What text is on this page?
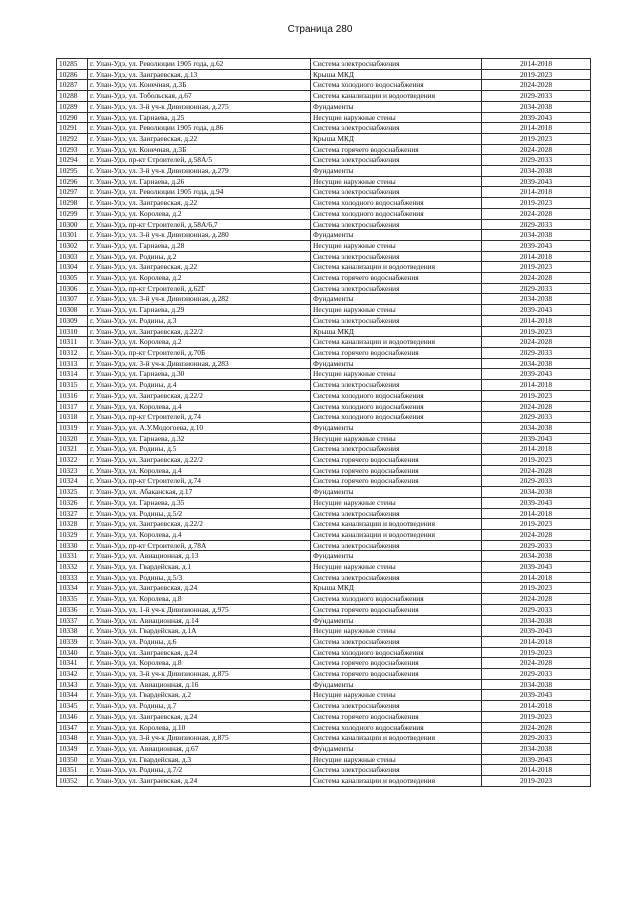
Страница 280
10285	г. Улан-Удэ, ул. Революции 1905 года, д.62	Система электроснабжения	2014-2018
10286	г. Улан-Удэ, ул. Заиграевская, д.13	Крыша МКД	2019-2023
10287	г. Улан-Удэ, ул. Конечная, д.3Б	Система холодного водоснабжения	2024-2028
10288	г. Улан-Удэ, ул. Тобольская, д.67	Система канализации и водоотведения	2029-2033
10289	г. Улан-Удэ, ул. 3-й уч-к Дивизионная, д.275	Фундаменты	2034-2038
10290	г. Улан-Удэ, ул. Гарнаева, д.25	Несущие наружные стены	2039-2043
10291	г. Улан-Удэ, ул. Революции 1905 года, д.86	Система электроснабжения	2014-2018
10292	г. Улан-Удэ, ул. Заиграевская, д.22	Крыша МКД	2019-2023
10293	г. Улан-Удэ, ул. Конечная, д.3Б	Система горячего водоснабжения	2024-2028
10294	г. Улан-Удэ, пр-кт Строителей, д.58А/5	Система электроснабжения	2029-2033
10295	г. Улан-Удэ, ул. 3-й уч-к Дивизионная, д.279	Фундаменты	2034-2038
10296	г. Улан-Удэ, ул. Гарнаева, д.26	Несущие наружные стены	2039-2043
10297	г. Улан-Удэ, ул. Революции 1905 года, д.94	Система электроснабжения	2014-2018
10298	г. Улан-Удэ, ул. Заиграевская, д.22	Система холодного водоснабжения	2019-2023
10299	г. Улан-Удэ, ул. Королева, д.2	Система холодного водоснабжения	2024-2028
10300	г. Улан-Удэ, пр-кт Строителей, д.58А/6,7	Система электроснабжения	2029-2033
10301	г. Улан-Удэ, ул. 3-й уч-к Дивизионная, д.280	Фундаменты	2034-2038
10302	г. Улан-Удэ, ул. Гарнаева, д.28	Несущие наружные стены	2039-2043
10303	г. Улан-Удэ, ул. Родины, д.2	Система электроснабжения	2014-2018
10304	г. Улан-Удэ, ул. Заиграевская, д.22	Система канализации и водоотведения	2019-2023
10305	г. Улан-Удэ, ул. Королева, д.2	Система горячего водоснабжения	2024-2028
10306	г. Улан-Удэ, пр-кт Строителей, д.62Г	Система электроснабжения	2029-2033
10307	г. Улан-Удэ, ул. 3-й уч-к Дивизионная, д.282	Фундаменты	2034-2038
10308	г. Улан-Удэ, ул. Гарнаева, д.29	Несущие наружные стены	2039-2043
10309	г. Улан-Удэ, ул. Родины, д.3	Система электроснабжения	2014-2018
10310	г. Улан-Удэ, ул. Заиграевская, д.22/2	Крыша МКД	2019-2023
10311	г. Улан-Удэ, ул. Королева, д.2	Система канализации и водоотведения	2024-2028
10312	г. Улан-Удэ, пр-кт Строителей, д.70Б	Система горячего водоснабжения	2029-2033
10313	г. Улан-Удэ, ул. 3-й уч-к Дивизионная, д.283	Фундаменты	2034-2038
10314	г. Улан-Удэ, ул. Гарнаева, д.30	Несущие наружные стены	2039-2043
10315	г. Улан-Удэ, ул. Родины, д.4	Система электроснабжения	2014-2018
10316	г. Улан-Удэ, ул. Заиграевская, д.22/2	Система холодного водоснабжения	2019-2023
10317	г. Улан-Удэ, ул. Королева, д.4	Система холодного водоснабжения	2024-2028
10318	г. Улан-Удэ, пр-кт Строителей, д.74	Система холодного водоснабжения	2029-2033
10319	г. Улан-Удэ, ул. А.У.Модогоева, д.10	Фундаменты	2034-2038
10320	г. Улан-Удэ, ул. Гарнаева, д.32	Несущие наружные стены	2039-2043
10321	г. Улан-Удэ, ул. Родины, д.5	Система электроснабжения	2014-2018
10322	г. Улан-Удэ, ул. Заиграевская, д.22/2	Система горячего водоснабжения	2019-2023
10323	г. Улан-Удэ, ул. Королева, д.4	Система горячего водоснабжения	2024-2028
10324	г. Улан-Удэ, пр-кт Строителей, д.74	Система горячего водоснабжения	2029-2033
10325	г. Улан-Удэ, ул. Абаканская, д.17	Фундаменты	2034-2038
10326	г. Улан-Удэ, ул. Гарнаева, д.35	Несущие наружные стены	2039-2043
10327	г. Улан-Удэ, ул. Родины, д.5/2	Система электроснабжения	2014-2018
10328	г. Улан-Удэ, ул. Заиграевская, д.22/2	Система канализации и водоотведения	2019-2023
10329	г. Улан-Удэ, ул. Королева, д.4	Система канализации и водоотведения	2024-2028
10330	г. Улан-Удэ, пр-кт Строителей, д.78А	Система электроснабжения	2029-2033
10331	г. Улан-Удэ, ул. Авиационная, д.13	Фундаменты	2034-2038
10332	г. Улан-Удэ, ул. Гвардейская, д.1	Несущие наружные стены	2039-2043
10333	г. Улан-Удэ, ул. Родины, д.5/3	Система электроснабжения	2014-2018
10334	г. Улан-Удэ, ул. Заиграевская, д.24	Крыша МКД	2019-2023
10335	г. Улан-Удэ, ул. Королева, д.8	Система холодного водоснабжения	2024-2028
10336	г. Улан-Удэ, ул. 1-й уч-к Дивизионная, д.975	Система горячего водоснабжения	2029-2033
10337	г. Улан-Удэ, ул. Авиационная, д.14	Фундаменты	2034-2038
10338	г. Улан-Удэ, ул. Гвардейская, д.1А	Несущие наружные стены	2039-2043
10339	г. Улан-Удэ, ул. Родины, д.6	Система электроснабжения	2014-2018
10340	г. Улан-Удэ, ул. Заиграевская, д.24	Система холодного водоснабжения	2019-2023
10341	г. Улан-Удэ, ул. Королева, д.8	Система горячего водоснабжения	2024-2028
10342	г. Улан-Удэ, ул. 3-й уч-к Дивизионная, д.875	Система горячего водоснабжения	2029-2033
10343	г. Улан-Удэ, ул. Авиационная, д.16	Фундаменты	2034-2038
10344	г. Улан-Удэ, ул. Гвардейская, д.2	Несущие наружные стены	2039-2043
10345	г. Улан-Удэ, ул. Родины, д.7	Система электроснабжения	2014-2018
10346	г. Улан-Удэ, ул. Заиграевская, д.24	Система горячего водоснабжения	2019-2023
10347	г. Улан-Удэ, ул. Королева, д.10	Система холодного водоснабжения	2024-2028
10348	г. Улан-Удэ, ул. 3-й уч-к Дивизионная, д.875	Система канализации и водоотведения	2029-2033
10349	г. Улан-Удэ, ул. Авиационная, д.67	Фундаменты	2034-2038
10350	г. Улан-Удэ, ул. Гвардейская, д.3	Несущие наружные стены	2039-2043
10351	г. Улан-Удэ, ул. Родины, д.7/2	Система электроснабжения	2014-2018
10352	г. Улан-Удэ, ул. Заиграевская, д.24	Система канализации и водоотведения	2019-2023
